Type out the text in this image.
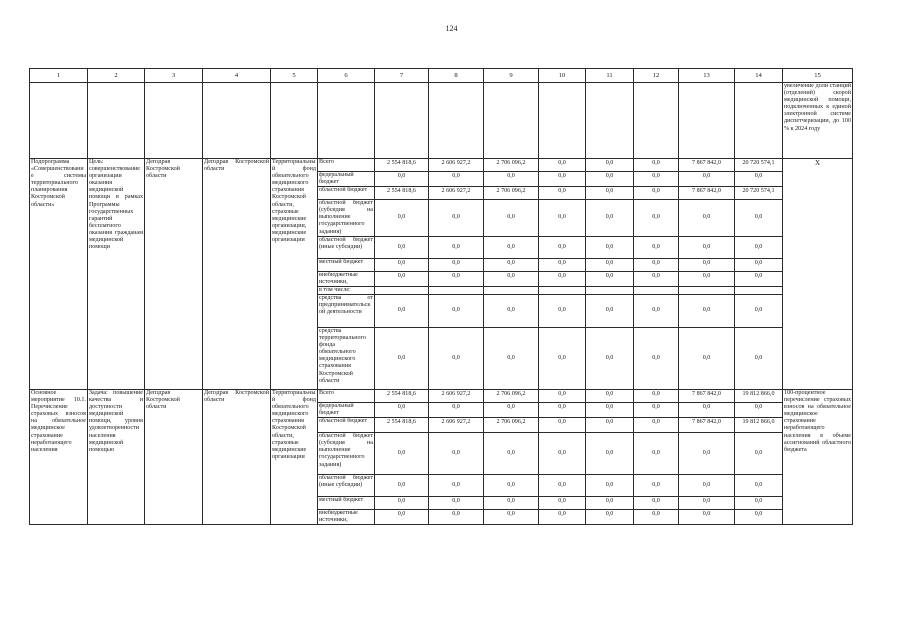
124
1	2	3	4	5	6	7	8	9	10	11	12	13	14	15
														увеличение доли станций (отделений) скорой медицинской помощи, подключенных к единой электронной системе диспетчеризации, до 100 % к 2024 году
Подпрограмма «Совершенствование системы территориального планирования Костромской области»	Цель: совершенствование организации оказания медицинской помощи в рамках Программы государственных гарантий бесплатного оказания гражданам медицинской помощи	Депздрав Костромской области	Депздрав Костромской области	Территориальный фонд обязательного медицинского страхования Костромской области, страховые медицинские организации, медицинские организации	Всего	2 554 818,6	2 606 927,2	2 706 096,2	0,0	0,0	0,0	7 867 842,0	20 720 574,1	Х
					федеральный бюджет	0,0	0,0	0,0	0,0	0,0	0,0	0,0	0,0	
					областной бюджет	2 554 818,6	2 606 927,2	2 706 096,2	0,0	0,0	0,0	7 867 842,0	20 720 574,1	
					областной бюджет (субсидия на выполнение государственного задания)	0,0	0,0	0,0	0,0	0,0	0,0	0,0	0,0	
					областной бюджет (иные субсидии)	0,0	0,0	0,0	0,0	0,0	0,0	0,0	0,0	
					местный бюджет	0,0	0,0	0,0	0,0	0,0	0,0	0,0	0,0	
					внебюджетные источники,	0,0	0,0	0,0	0,0	0,0	0,0	0,0	0,0	
					в том числе:									
					средства от предпринимательской деятельности	0,0	0,0	0,0	0,0	0,0	0,0	0,0	0,0	
					средства территориального фонда обязательного медицинского страхования Костромской области	0,0	0,0	0,0	0,0	0,0	0,0	0,0	0,0	
Основное мероприятие 10.1. Перечисление страховых взносов на обязательное медицинское страхование неработающего населения	Задача: повышение качества и доступности медицинской помощи, уровня удовлетворенности населения медицинской помощью	Депздрав Костромской области	Депздрав Костромской области	Территориальный фонд обязательного медицинского страхования Костромской области, страховые медицинские организации	Всего	2 554 818,6	2 606 927,2	2 706 096,2	0,0	0,0	0,0	7 867 842,0	19 812 866,0	100-процентное перечисление страховых взносов на обязательное медицинское страхование неработающего населения в объеме ассигнований областного бюджета
					федеральный бюджет	0,0	0,0	0,0	0,0	0,0	0,0	0,0	0,0	
					областной бюджет	2 554 818,6	2 606 927,2	2 706 096,2	0,0	0,0	0,0	7 867 842,0	19 812 866,0	
					областной бюджет (субсидия на выполнение государственного задания)	0,0	0,0	0,0	0,0	0,0	0,0	0,0	0,0	
					областной бюджет (иные субсидии)	0,0	0,0	0,0	0,0	0,0	0,0	0,0	0,0	
					местный бюджет	0,0	0,0	0,0	0,0	0,0	0,0	0,0	0,0	
					внебюджетные источники,	0,0	0,0	0,0	0,0	0,0	0,0	0,0	0,0	
